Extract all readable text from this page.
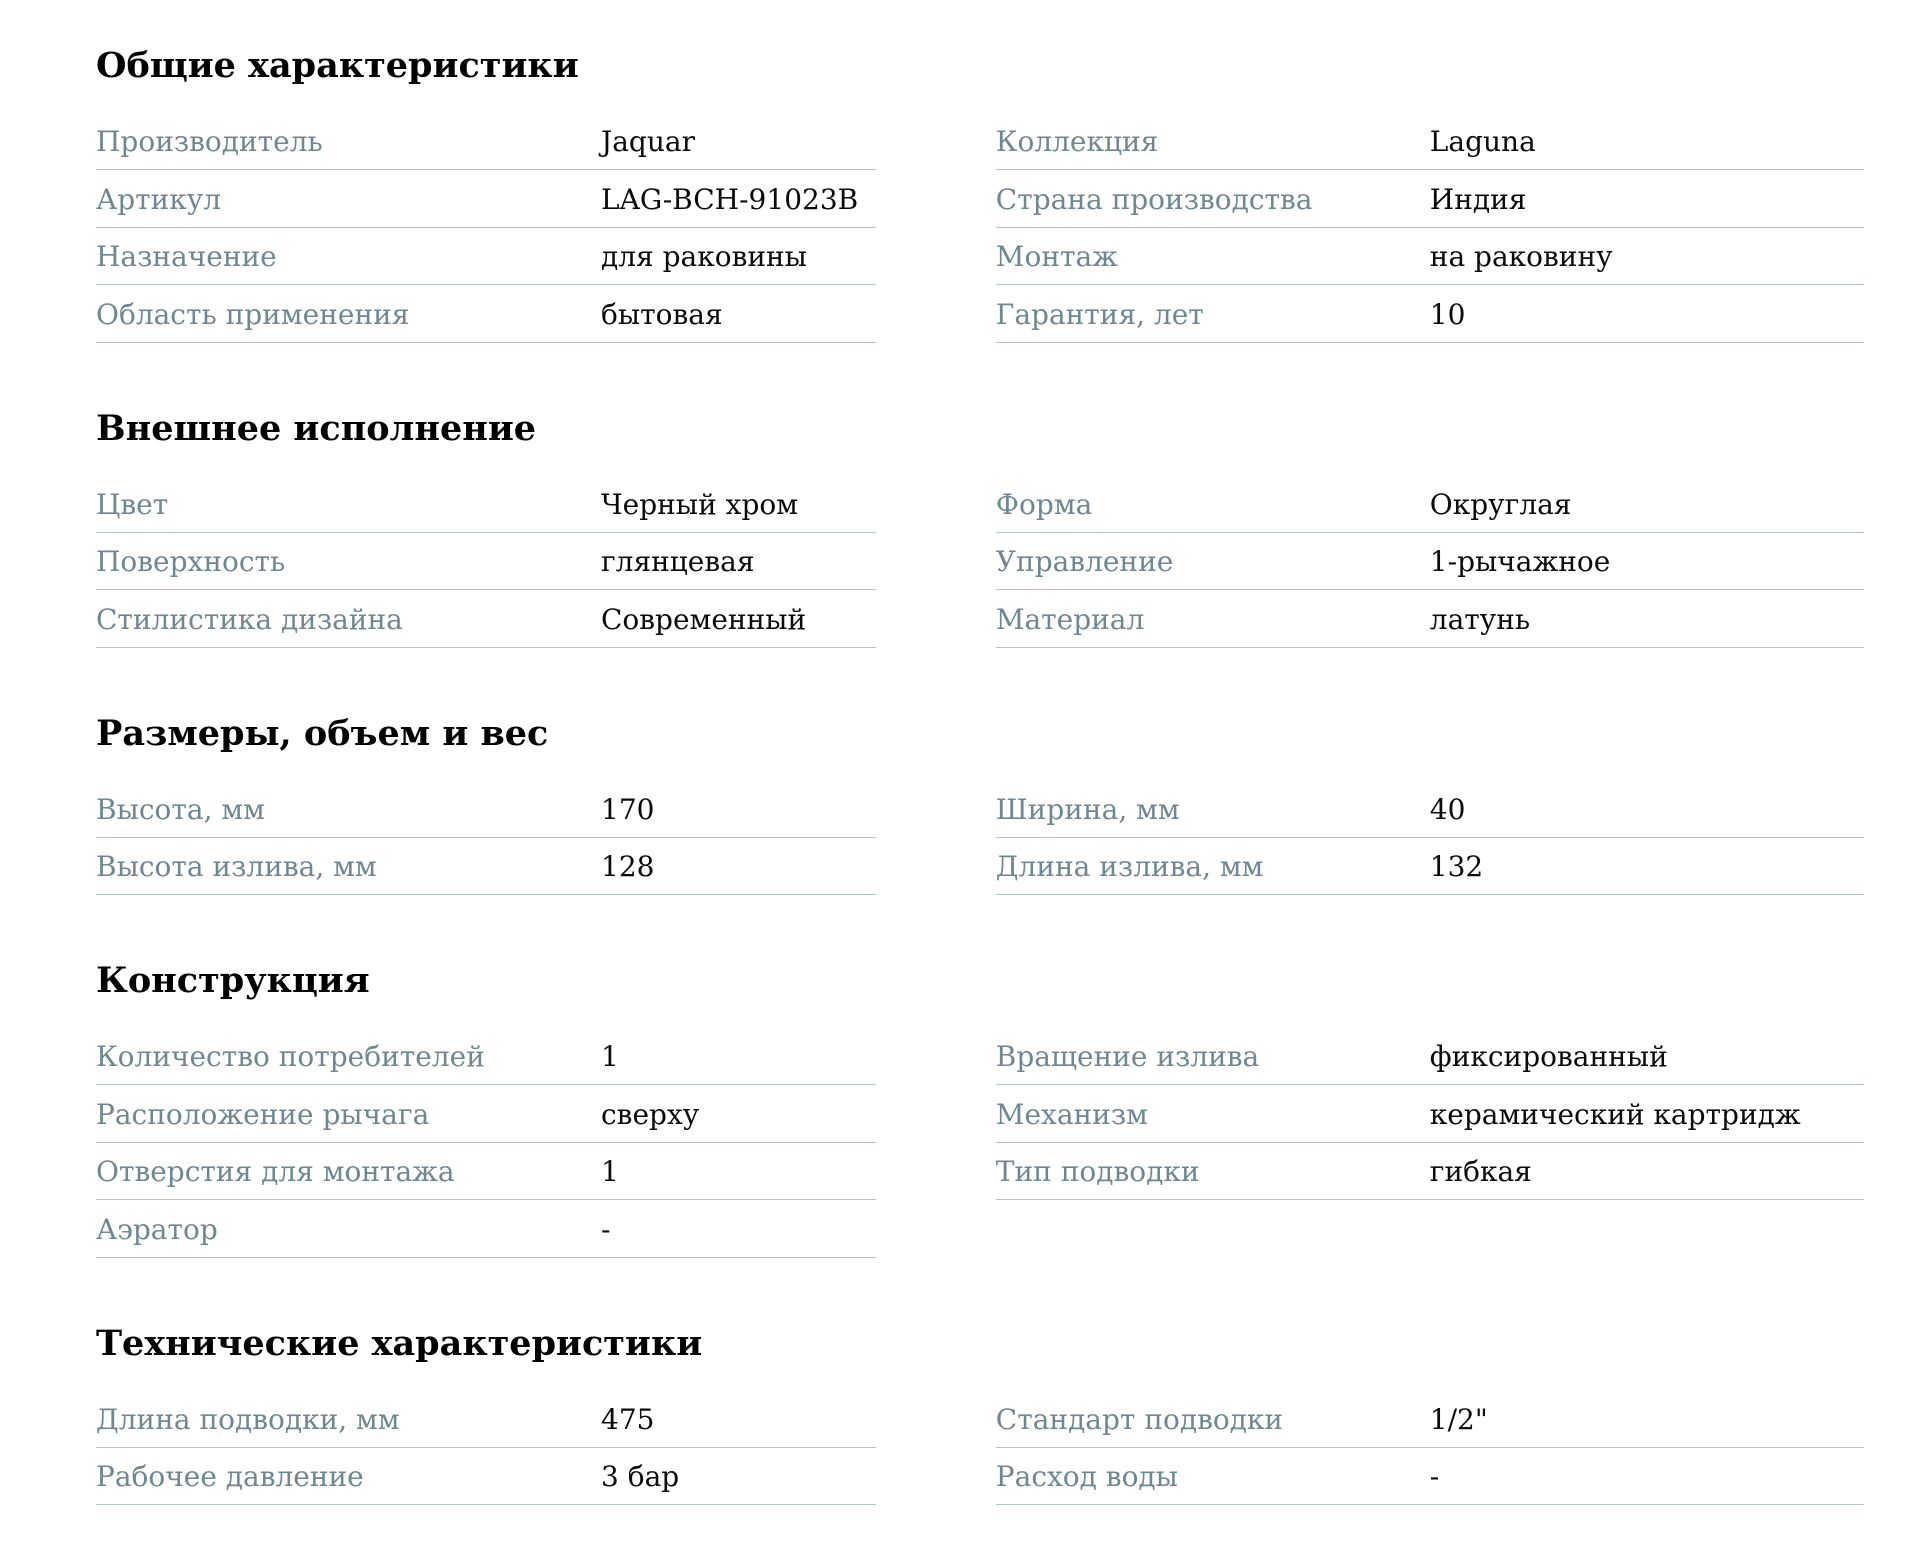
Общие характеристики
Производитель	Jaquar
Артикул	LAG-BCH-91023B
Назначение	для раковины
Область применения	бытовая
Коллекция	Laguna
Страна производства	Индия
Монтаж	на раковину
Гарантия, лет	10
Внешнее исполнение
Цвет	Черный хром
Поверхность	глянцевая
Стилистика дизайна	Современный
Форма	Округлая
Управление	1-рычажное
Материал	латунь
Размеры, объем и вес
Высота, мм	170
Высота излива, мм	128
Ширина, мм	40
Длина излива, мм	132
Конструкция
Количество потребителей	1
Расположение рычага	сверху
Отверстия для монтажа	1
Аэратор	-
Вращение излива	фиксированный
Механизм	керамический картридж
Тип подводки	гибкая
Технические характеристики
Длина подводки, мм	475
Рабочее давление	3 бар
Стандарт подводки	1/2"
Расход воды	-
